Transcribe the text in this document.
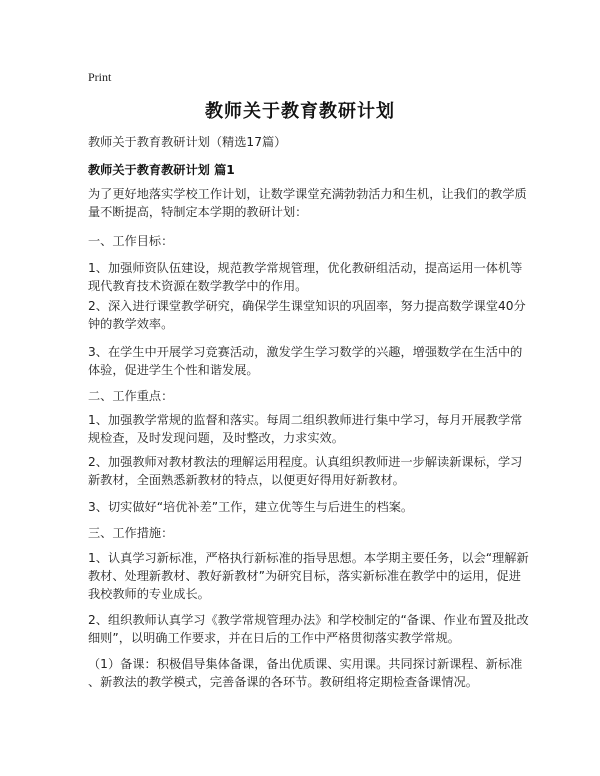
Print
教师关于教育教研计划
教师关于教育教研计划（精选17篇）
教师关于教育教研计划 篇1
为了更好地落实学校工作计划，让数学课堂充满勃勃活力和生机，让我们的教学质
量不断提高，特制定本学期的教研计划：
一、工作目标：
1、加强师资队伍建设，规范教学常规管理，优化教研组活动，提高运用一体机等
现代教育技术资源在数学教学中的作用。
2、深入进行课堂教学研究，确保学生课堂知识的巩固率，努力提高数学课堂40分
钟的教学效率。
3、在学生中开展学习竞赛活动，激发学生学习数学的兴趣，增强数学在生活中的
体验，促进学生个性和谐发展。
二、工作重点：
1、加强教学常规的监督和落实。每周二组织教师进行集中学习，每月开展教学常
规检查，及时发现问题，及时整改，力求实效。
2、加强教师对教材教法的理解运用程度。认真组织教师进一步解读新课标，学习
新教材，全面熟悉新教材的特点，以便更好得用好新教材。
3、切实做好“培优补差”工作，建立优等生与后进生的档案。
三、工作措施：
1、认真学习新标准，严格执行新标准的指导思想。本学期主要任务，以会“理解新
教材、处理新教材、教好新教材”为研究目标，落实新标准在教学中的运用，促进
我校教师的专业成长。
2、组织教师认真学习《教学常规管理办法》和学校制定的“备课、作业布置及批改
细则”，以明确工作要求，并在日后的工作中严格贯彻落实教学常规。
（1）备课：积极倡导集体备课，备出优质课、实用课。共同探讨新课程、新标准
、新教法的教学模式，完善备课的各环节。教研组将定期检查备课情况。
